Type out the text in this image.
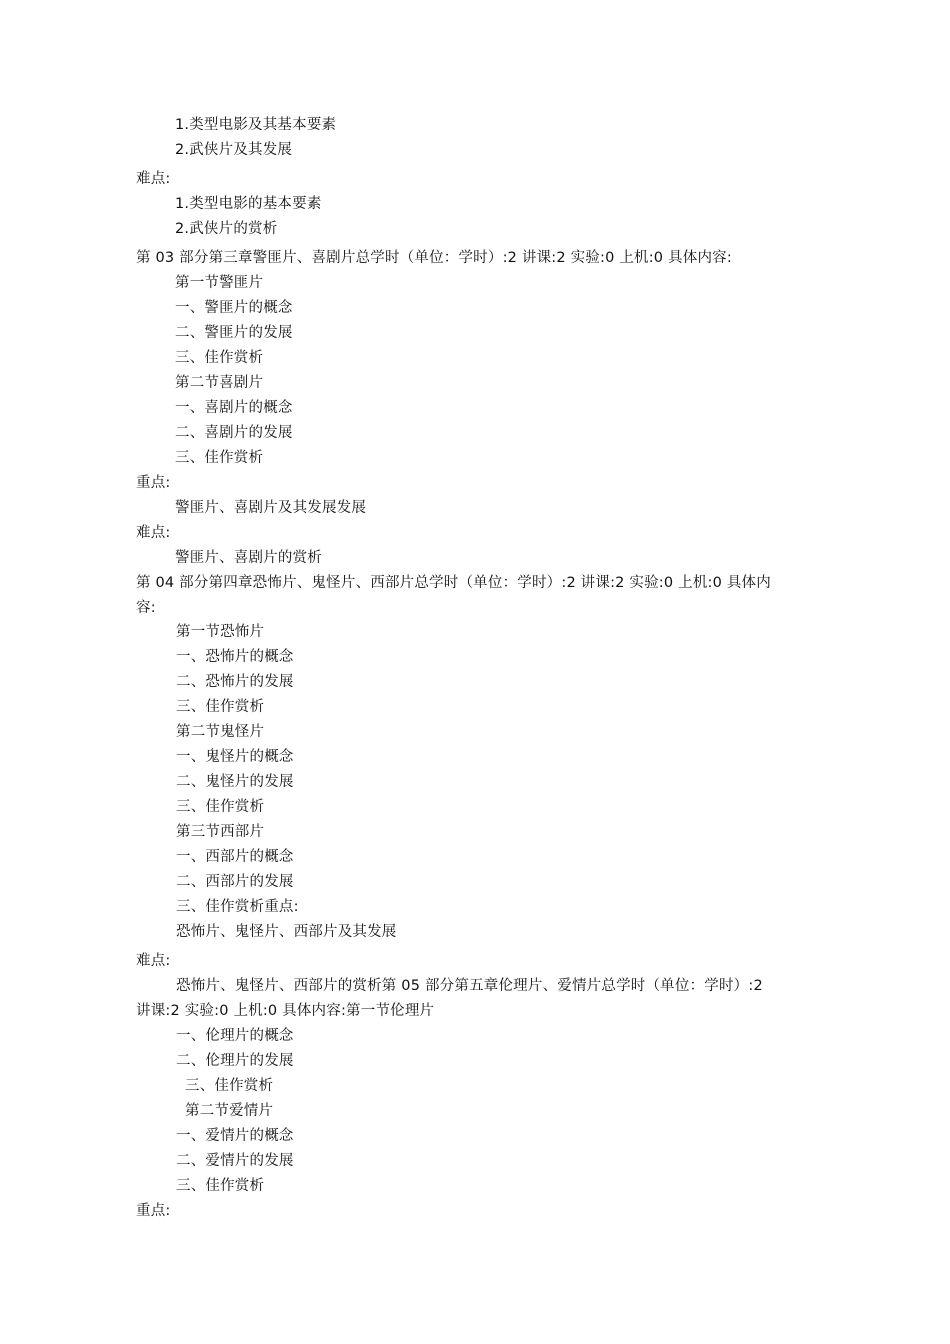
1.类型电影及其基本要素
2.武侠片及其发展
难点:
1.类型电影的基本要素
2.武侠片的赏析
第 03 部分第三章警匪片、喜剧片总学时（单位：学时）:2 讲课:2 实验:0 上机:0 具体内容:
第一节警匪片
一、警匪片的概念
二、警匪片的发展
三、佳作赏析
第二节喜剧片
一、喜剧片的概念
二、喜剧片的发展
三、佳作赏析
重点:
警匪片、喜剧片及其发展发展
难点:
警匪片、喜剧片的赏析
第 04 部分第四章恐怖片、鬼怪片、西部片总学时（单位：学时）:2 讲课:2 实验:0 上机:0 具体内
容:
第一节恐怖片
一、恐怖片的概念
二、恐怖片的发展
三、佳作赏析
第二节鬼怪片
一、鬼怪片的概念
二、鬼怪片的发展
三、佳作赏析
第三节西部片
一、西部片的概念
二、西部片的发展
三、佳作赏析重点:
恐怖片、鬼怪片、西部片及其发展
难点:
恐怖片、鬼怪片、西部片的赏析第 05 部分第五章伦理片、爱情片总学时（单位：学时）:2
讲课:2 实验:0 上机:0 具体内容:第一节伦理片
一、伦理片的概念
二、伦理片的发展
三、佳作赏析
第二节爱情片
一、爱情片的概念
二、爱情片的发展
三、佳作赏析
重点:
